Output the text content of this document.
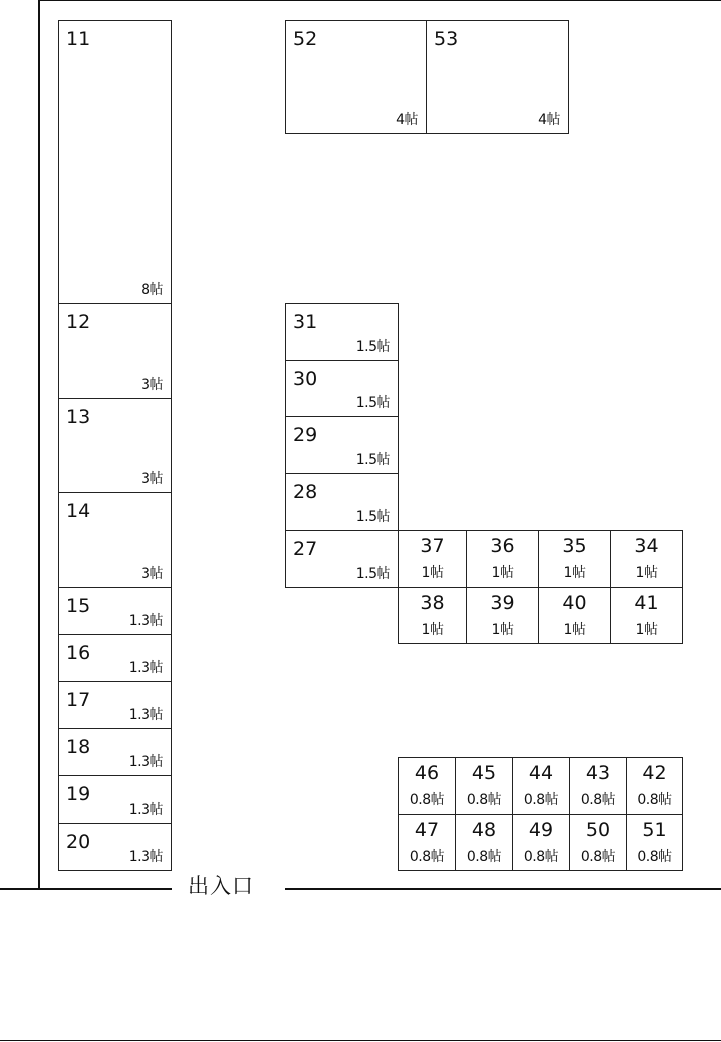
出入口
11
8帖
12
3帖
13
3帖
14
3帖
15
1.3帖
16
1.3帖
17
1.3帖
18
1.3帖
19
1.3帖
20
1.3帖
52
4帖
53
4帖
31
1.5帖
30
1.5帖
29
1.5帖
28
1.5帖
27
1.5帖
37
1帖
36
1帖
35
1帖
34
1帖
38
1帖
39
1帖
40
1帖
41
1帖
46
0.8帖
45
0.8帖
44
0.8帖
43
0.8帖
42
0.8帖
47
0.8帖
48
0.8帖
49
0.8帖
50
0.8帖
51
0.8帖
